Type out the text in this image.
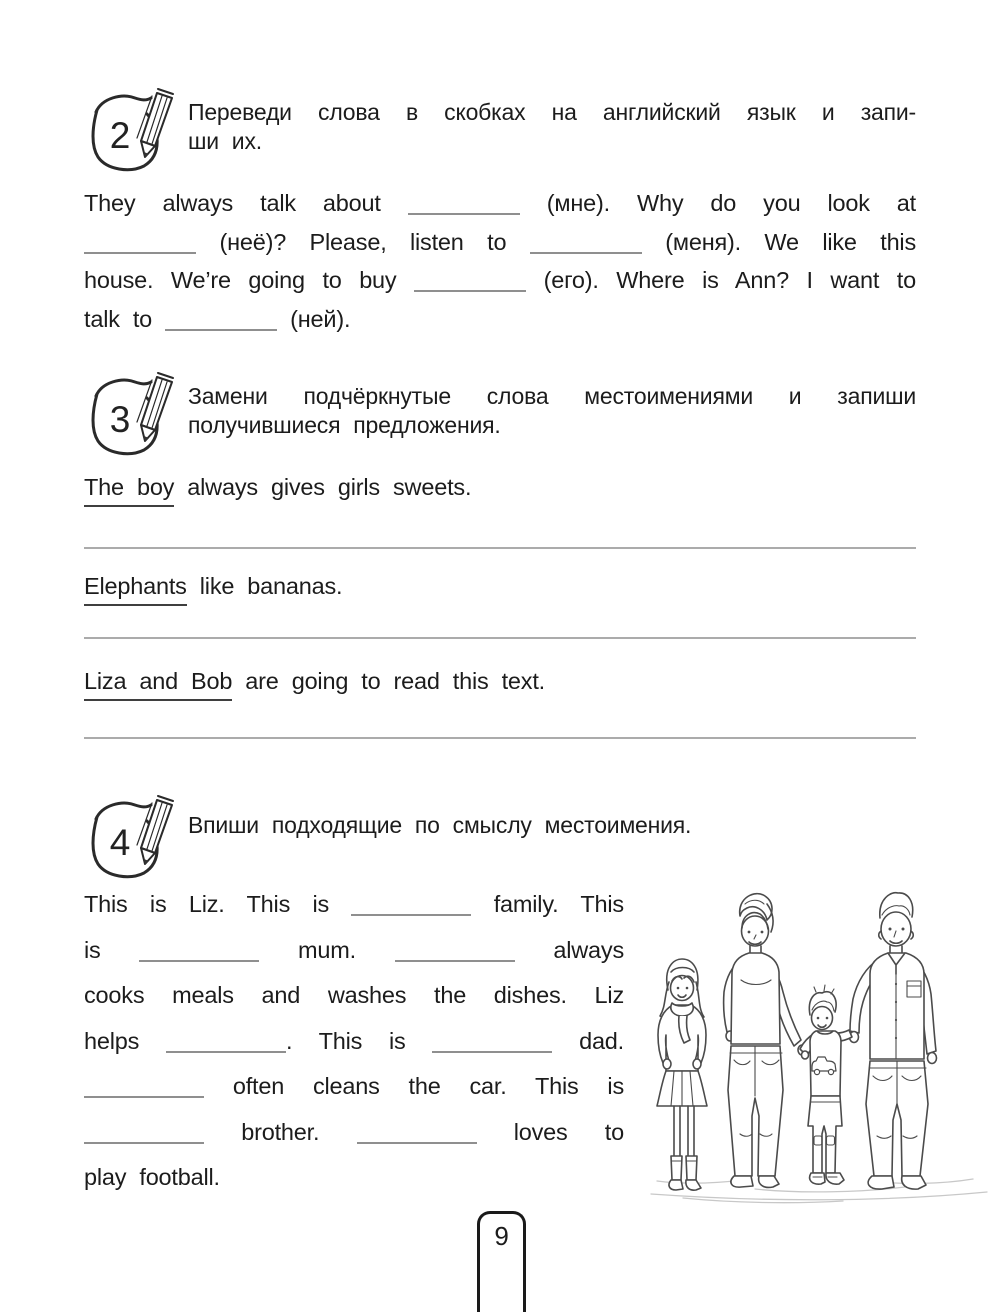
2
Переведи слова в скобках на английский язык и запи-
ши их.
They always talk about	(мне). Why do you look at
(неё)? Please, listen to	(меня). We like this
house. We’re going to buy	(его). Where is Ann? I want to
talk to	(ней).
3
Замени подчёркнутые слова местоимениями и запиши
получившиеся предложения.
The boy always gives girls sweets.
Elephants like bananas.
Liza and Bob are going to read this text.
4	Впиши подходящие по смыслу местоимения.
This is Liz. This is	family. This
is	mum.	always
cooks meals and washes the dishes. Liz
helps	. This is	dad.
often cleans the car. This is
brother.	loves to
play football.
9
